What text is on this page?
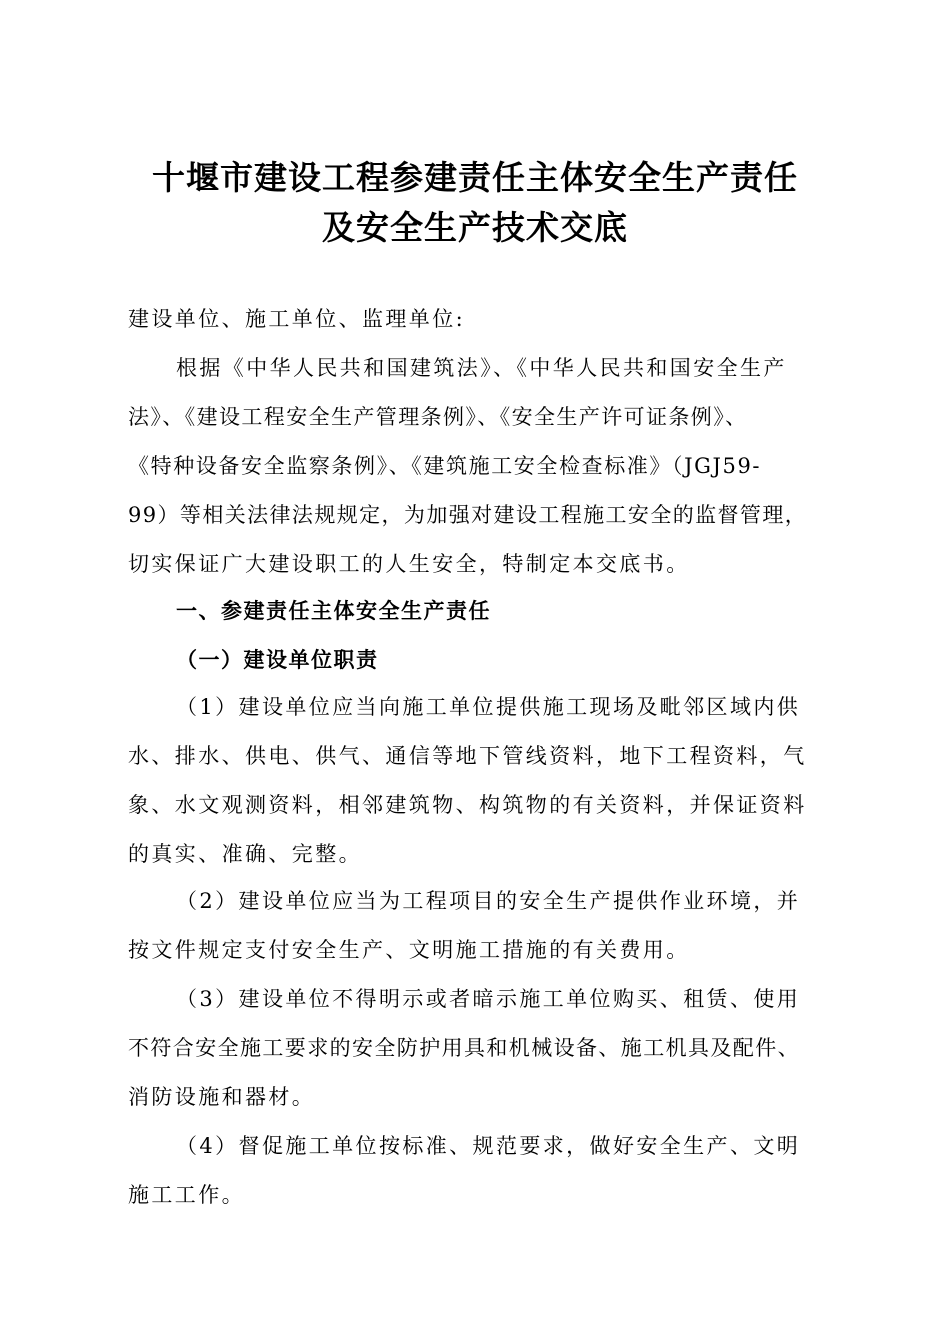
十堰市建设工程参建责任主体安全生产责任
及安全生产技术交底

建设单位、施工单位、监理单位:

根据《中华人民共和国建筑法》、《中华人民共和国安全生产

法》、《建设工程安全生产管理条例》、《安全生产许可证条例》、

《特种设备安全监察条例》、《建筑施工安全检查标准》（JGJ59-

99）等相关法律法规规定，为加强对建设工程施工安全的监督管理，

切实保证广大建设职工的人生安全，特制定本交底书。

一、参建责任主体安全生产责任

（一）建设单位职责

（1）建设单位应当向施工单位提供施工现场及毗邻区域内供

水、排水、供电、供气、通信等地下管线资料，地下工程资料，气

象、水文观测资料，相邻建筑物、构筑物的有关资料，并保证资料

的真实、准确、完整。

（2）建设单位应当为工程项目的安全生产提供作业环境，并

按文件规定支付安全生产、文明施工措施的有关费用。

（3）建设单位不得明示或者暗示施工单位购买、租赁、使用

不符合安全施工要求的安全防护用具和机械设备、施工机具及配件、

消防设施和器材。

（4）督促施工单位按标准、规范要求，做好安全生产、文明

施工工作。
